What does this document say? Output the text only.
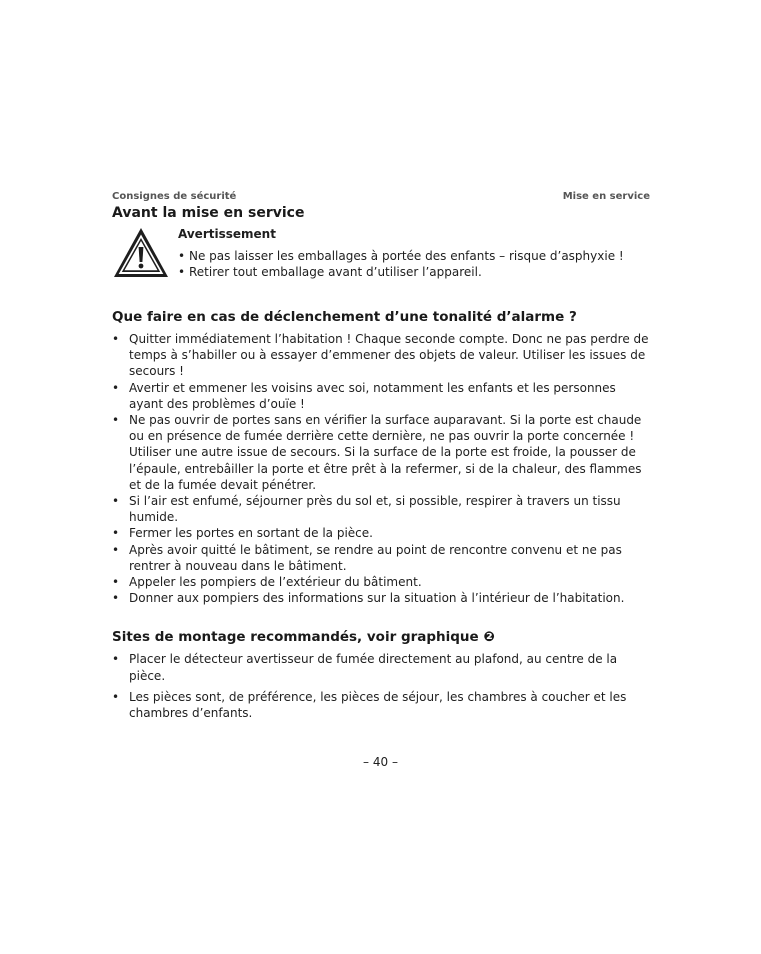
Consignes de sécurité	Mise en service
Avant la mise en service
Avertissement
• Ne pas laisser les emballages à portée des enfants – risque d’asphyxie !
• Retirer tout emballage avant d’utiliser l’appareil.
Que faire en cas de déclenchement d’une tonalité d’alarme ?
• Quitter immédiatement l’habitation ! Chaque seconde compte. Donc ne pas perdre de temps à s’habiller ou à essayer d’emmener des objets de valeur. Utiliser les issues de secours !
• Avertir et emmener les voisins avec soi, notamment les enfants et les personnes ayant des problèmes d’ouïe !
• Ne pas ouvrir de portes sans en vérifier la surface auparavant. Si la porte est chaude ou en présence de fumée derrière cette dernière, ne pas ouvrir la porte concernée ! Utiliser une autre issue de secours. Si la surface de la porte est froide, la pousser de l’épaule, entrebâiller la porte et être prêt à la refermer, si de la chaleur, des flammes et de la fumée devait pénétrer.
• Si l’air est enfumé, séjourner près du sol et, si possible, respirer à travers un tissu humide.
• Fermer les portes en sortant de la pièce.
• Après avoir quitté le bâtiment, se rendre au point de rencontre convenu et ne pas rentrer à nouveau dans le bâtiment.
• Appeler les pompiers de l’extérieur du bâtiment.
• Donner aux pompiers des informations sur la situation à l’intérieur de l’habitation.
Sites de montage recommandés, voir graphique ❷
• Placer le détecteur avertisseur de fumée directement au plafond, au centre de la pièce.
• Les pièces sont, de préférence, les pièces de séjour, les chambres à coucher et les chambres d’enfants.
– 40 –
